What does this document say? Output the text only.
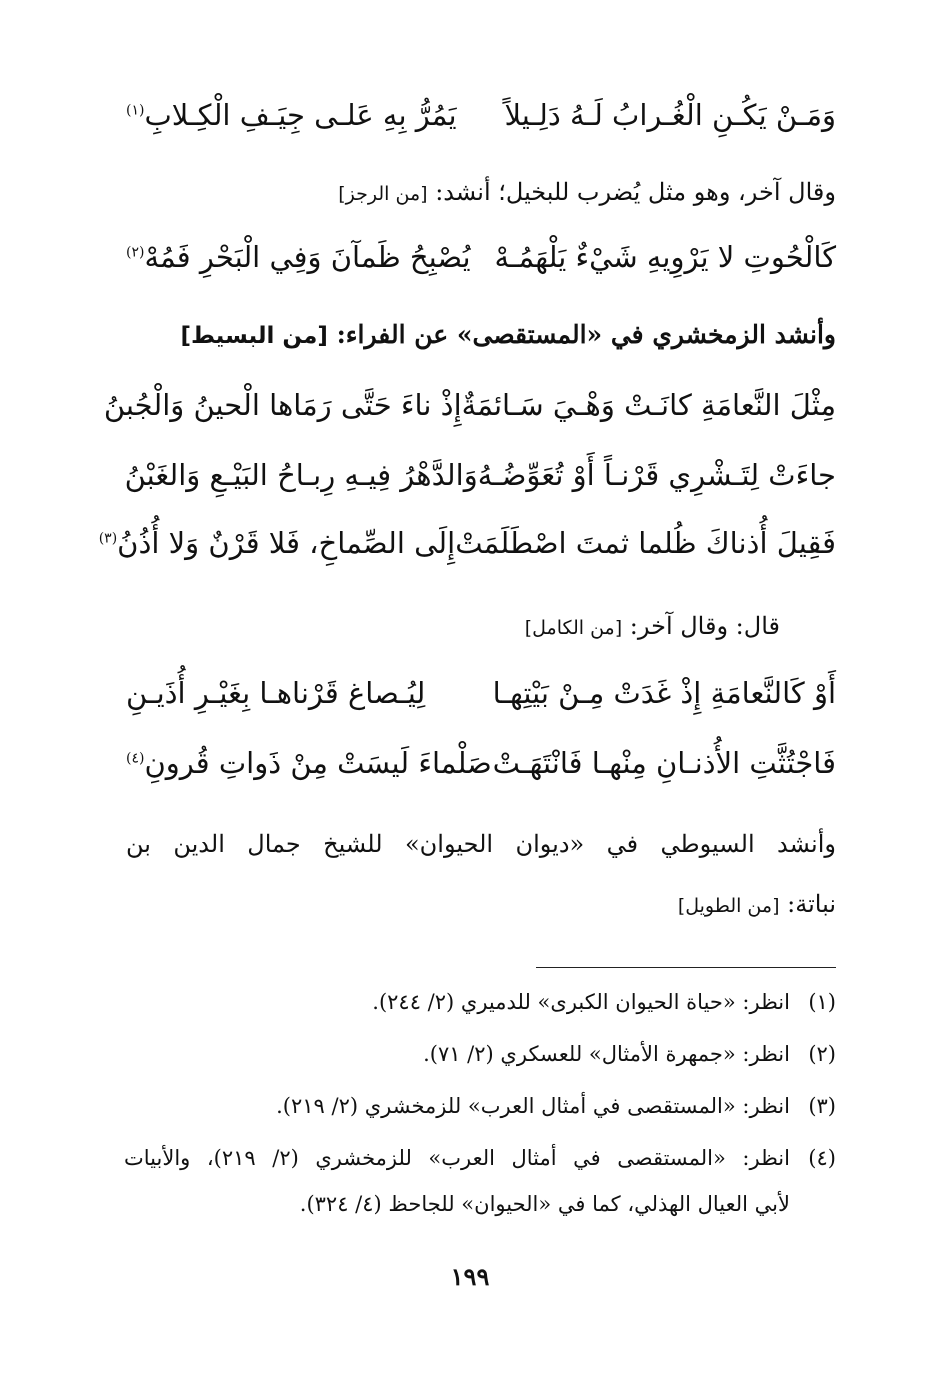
وَمَـنْ يَكُـنِ الْغُـرابُ لَـهُ دَلِـيلاً
يَمُرُّ بِهِ عَلـى جِيَـفِ الْكِـلابِ$^{(١)}$
وقال آخر، وهو مثل يُضرب للبخيل؛ أنشد: [من الرجز]
كَالْحُوتِ لا يَرْوِيهِ شَيْءٌ يَلْهَمُـهْ
يُصْبِحُ ظَمآنَ وَفِي الْبَحْرِ فَمُهْ$^{(٢)}$
وأنشد الزمخشري في «المستقصى» عن الفراء: [من البسيط]
مِثْلَ النَّعامَةِ كانَـتْ وَهْـيَ سَـائمَةٌ
إِذْ ناءَ حَتَّى رَمَاها الْحينُ وَالْجُبنُ
جاءَتْ لِتَـشْرِي قَرْنـاً أَوْ تُعَوِّضُـهُ
وَالدَّهْرُ فِيـهِ رِبـاحُ البَيْـعِ وَالغَبْنُ
فَقِيلَ أُذناكَ ظُلما ثمتَ اصْطَلَمَتْ
إِلَى الصِّماخِ، فَلا قَرْنٌ وَلا أُذُنُ$^{(٣)}$
قال: وقال آخر: [من الكامل]
أَوْ كَالنَّعامَةِ إِذْ غَدَتْ مِـنْ بَيْتِهـا
لِيُـصاغ قَرْناهـا بِغَيْـرِ أُذَيـنِ
فَاجْتُثَّتِ الأُذنـانِ مِنْهـا فَانْتَهَـتْ
صَلْماءَ لَيسَتْ مِنْ ذَواتِ قُرونِ$^{(٤)}$
وأنشد السيوطي في «ديوان الحيوان» للشيخ جمال الدين بن
نباتة: [من الطويل]
(١)انظر: «حياة الحيوان الكبرى» للدميري (٢/ ٢٤٤).
(٢)انظر: «جمهرة الأمثال» للعسكري (٢/ ٧١).
(٣)انظر: «المستقصى في أمثال العرب» للزمخشري (٢/ ٢١٩).
(٤)انظر: «المستقصى في أمثال العرب» للزمخشري (٢/ ٢١٩)، والأبيات
لأبي العيال الهذلي، كما في «الحيوان» للجاحظ (٤/ ٣٢٤).
١٩٩
